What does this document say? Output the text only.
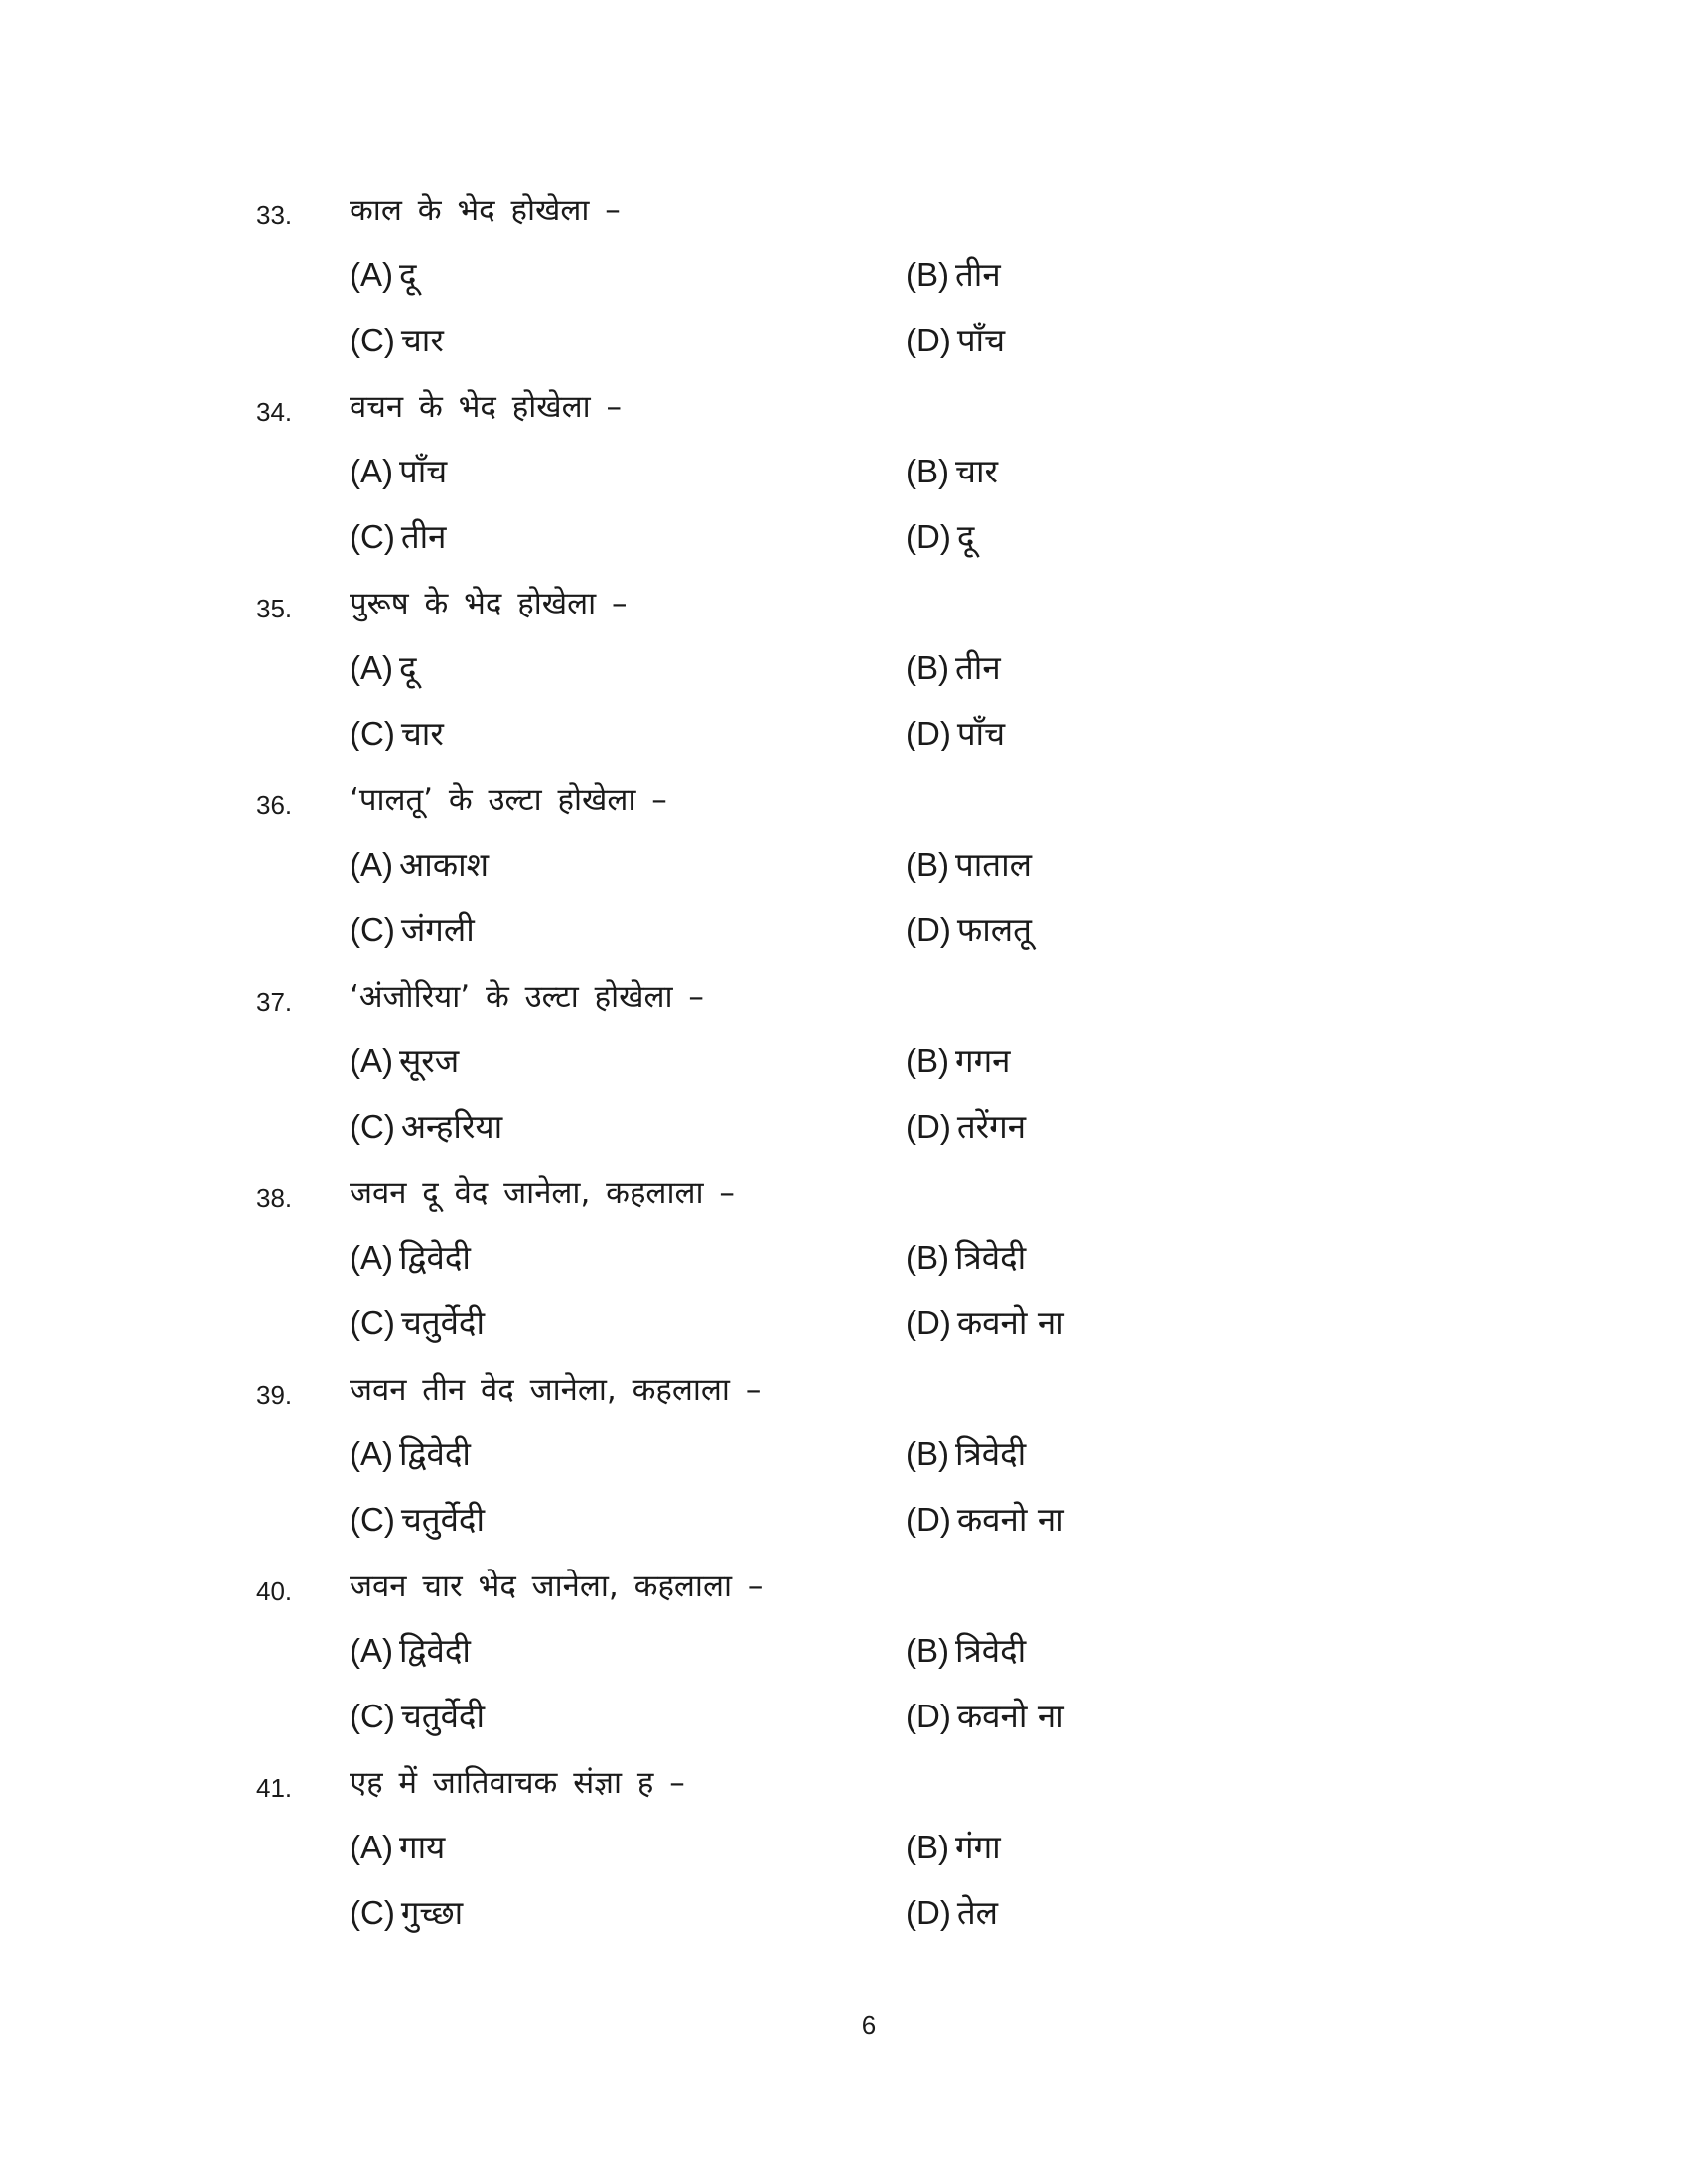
33. काल के भेद होखेला –
(A) दू	(B) तीन
(C) चार	(D) पाँच
34. वचन के भेद होखेला –
(A) पाँच	(B) चार
(C) तीन	(D) दू
35. पुरूष के भेद होखेला –
(A) दू	(B) तीन
(C) चार	(D) पाँच
36. ‘पालतू’ के उल्टा होखेला –
(A) आकाश	(B) पाताल
(C) जंगली	(D) फालतू
37. ‘अंजोरिया’ के उल्टा होखेला –
(A) सूरज	(B) गगन
(C) अन्हरिया	(D) तरेंगन
38. जवन दू वेद जानेला, कहलाला –
(A) द्विवेदी	(B) त्रिवेदी
(C) चतुर्वेदी	(D) कवनो ना
39. जवन तीन वेद जानेला, कहलाला –
(A) द्विवेदी	(B) त्रिवेदी
(C) चतुर्वेदी	(D) कवनो ना
40. जवन चार भेद जानेला, कहलाला –
(A) द्विवेदी	(B) त्रिवेदी
(C) चतुर्वेदी	(D) कवनो ना
41. एह में जातिवाचक संज्ञा ह –
(A) गाय	(B) गंगा
(C) गुच्छा	(D) तेल
6
